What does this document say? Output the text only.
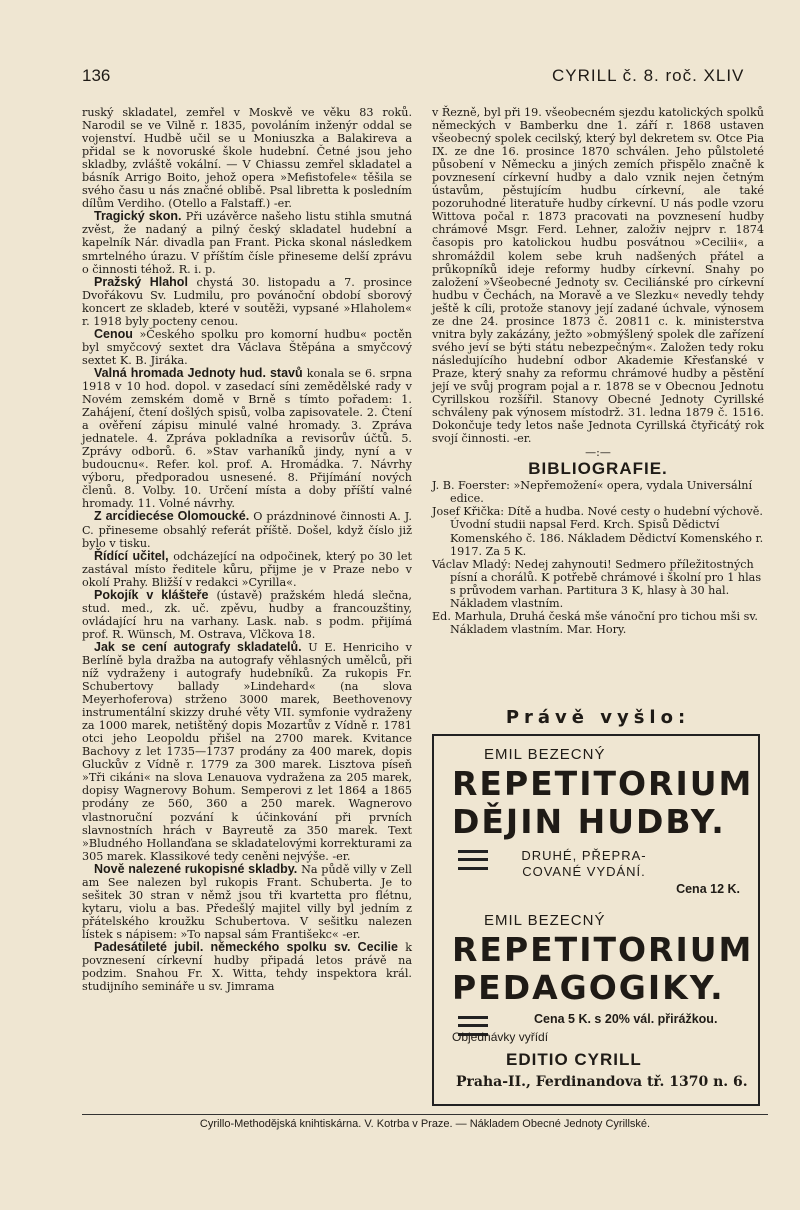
136	CYRILL č. 8. roč. XLIV

ruský skladatel, zemřel v Moskvě ve věku 83 roků. Narodil se ve Vilně r. 1835, povoláním inženýr oddal se vojenství. Hudbě učil se u Moniuszka a Balakireva a přidal se k novoruské škole hudební. Četné jsou jeho skladby, zvláště vokální. — V Chiassu zemřel skladatel a básník Arrigo Boito, jehož opera »Mefistofele« těšila se svého času u nás značné oblibě. Psal libretta k posledním dílům Verdiho. (Otello a Falstaff.) -er.

Tragický skon. Při uzávěrce našeho listu stihla smutná zvěst, že nadaný a pilný český skladatel hudební a kapelník Nár. divadla pan Frant. Picka skonal následkem smrtelného úrazu. V příštím čísle přineseme delší zprávu o činnosti téhož. R. i. p.

Pražský Hlahol chystá 30. listopadu a 7. prosince Dvořákovu Sv. Ludmilu, pro povánoční období sborový koncert ze skladeb, které v soutěži, vypsané »Hlaholem« r. 1918 byly pocteny cenou.

Cenou »Českého spolku pro komorní hudbu« poctěn byl smyčcový sextet dra Václava Štěpána a smyčcový sextet K. B. Jiráka.

Valná hromada Jednoty hud. stavů konala se 6. srpna 1918 v 10 hod. dopol. v zasedací síni zemědělské rady v Novém zemském domě v Brně s tímto pořadem: 1. Zahájení, čtení došlých spisů, volba zapisovatele. 2. Čtení a ověření zápisu minulé valné hromady. 3. Zpráva jednatele. 4. Zpráva pokladníka a revisorův účtů. 5. Zprávy odborů. 6. »Stav varhaníků jindy, nyní a v budoucnu«. Refer. kol. prof. A. Hromádka. 7. Návrhy výboru, předporadou usnesené. 8. Přijímání nových členů. 8. Volby. 10. Určení místa a doby příští valné hromady. 11. Volné návrhy.

Z arcidiecése Olomoucké. O prázdninové činnosti A. J. C. přineseme obsahlý referát příště. Došel, když číslo již bylo v tisku.

Řídící učitel, odcházející na odpočinek, který po 30 let zastával místo ředitele kůru, přijme je v Praze nebo v okolí Prahy. Bližší v redakci »Cyrilla«.

Pokojík v klášteře (ústavě) pražském hledá slečna, stud. med., zk. uč. zpěvu, hudby a francouzštiny, ovládající hru na varhany. Lask. nab. s podm. přijímá prof. R. Wünsch, M. Ostrava, Vlčkova 18.

Jak se cení autografy skladatelů. U E. Henriciho v Berlíně byla dražba na autografy věhlasných umělců, při níž vydraženy i autografy hudebníků. Za rukopis Fr. Schubertovy ballady »Lindehard« (na slova Meyerhoferova) strženo 3000 marek, Beethovenovy instrumentální skizzy druhé věty VII. symfonie vydraženy za 1000 marek, netištěný dopis Mozartův z Vídně r. 1781 otci jeho Leopoldu přišel na 2700 marek. Kvitance Bachovy z let 1735—1737 prodány za 400 marek, dopis Gluckův z Vídně r. 1779 za 300 marek. Lisztova píseň »Tři cikáni« na slova Lenauova vydražena za 205 marek, dopisy Wagnerovy Bohum. Semperovi z let 1864 a 1865 prodány ze 560, 360 a 250 marek. Wagnerovo vlastnoruční pozvání k účinkování při prvních slavnostních hrách v Bayreutě za 350 marek. Text »Bludného Hollanďana se skladatelovými korrekturami za 305 marek. Klassikové tedy ceněni nejvýše. -er.

Nově nalezené rukopisné skladby. Na půdě villy v Zell am See nalezen byl rukopis Frant. Schuberta. Je to sešitek 30 stran v němž jsou tři kvartetta pro flétnu, kytaru, violu a bas. Předešlý majitel villy byl jedním z přátelského kroužku Schubertova. V sešitku nalezen lístek s nápisem: »To napsal sám Františekc« -er.

Padesátileté jubil. německého spolku sv. Cecilie k povznesení církevní hudby připadá letos právě na podzim. Snahou Fr. X. Witta, tehdy inspektora král. studijního semináře u sv. Jimrama

v Řezně, byl při 19. všeobecném sjezdu katolických spolků německých v Bamberku dne 1. září r. 1868 ustaven všeobecný spolek cecilský, který byl dekretem sv. Otce Pia IX. ze dne 16. prosince 1870 schválen. Jeho půlstoleté působení v Německu a jiných zemích přispělo značně k povznesení církevní hudby a dalo vznik nejen četným ústavům, pěstujícím hudbu církevní, ale také pozoruhodné literatuře hudby církevní. U nás podle vzoru Wittova počal r. 1873 pracovati na povznesení hudby chrámové Msgr. Ferd. Lehner, založiv nejprv r. 1874 časopis pro katolickou hudbu posvátnou »Cecilii«, a shromáždil kolem sebe kruh nadšených přátel a průkopníků ideje reformy hudby církevní. Snahy po založení »Všeobecné Jednoty sv. Ceciliánské pro církevní hudbu v Čechách, na Moravě a ve Slezku« nevedly tehdy ještě k cíli, protože stanovy její zadané úchvale, výnosem ze dne 24. prosince 1873 č. 20811 c. k. ministerstva vnitra byly zakázány, ježto »obmýšlený spolek dle zařízení svého jeví se býti státu nebezpečným«. Založen tedy roku následujícího hudební odbor Akademie Křesťanské v Praze, který snahy za reformu chrámové hudby a pěstění její ve svůj program pojal a r. 1878 se v Obecnou Jednotu Cyrillskou rozšířil. Stanovy Obecné Jednoty Cyrillské schváleny pak výnosem místodrž. 31. ledna 1879 č. 1516. Dokončuje tedy letos naše Jednota Cyrillská čtyřicátý rok svojí činnosti. -er.

—:—
BIBLIOGRAFIE.

J. B. Foerster: »Nepřemožení« opera, vydala Universální edice.

Josef Křička: Dítě a hudba. Nové cesty o hudební výchově. Úvodní studii napsal Ferd. Krch. Spisů Dědictví Komenského č. 186. Nákladem Dědictví Komenského r. 1917. Za 5 K.

Václav Mladý: Nedej zahynouti! Sedmero příležitostných písní a chorálů. K potřebě chrámové i školní pro 1 hlas s průvodem varhan. Partitura 3 K, hlasy à 30 hal. Nákladem vlastním.

Ed. Marhula, Druhá česká mše vánoční pro tichou mši sv. Nákladem vlastním. Mar. Hory.

Právě vyšlo:
EMIL BEZECNÝ
REPETITORIUM
DĚJIN HUDBY.
DRUHÉ, PŘEPRA-
COVANÉ VYDÁNÍ.
Cena 12 K.
EMIL BEZECNÝ
REPETITORIUM
PEDAGOGIKY.
Cena 5 K. s 20% vál. přirážkou.
Objednávky vyřídí
EDITIO CYRILL
Praha-II., Ferdinandova tř. 1370 n. 6.
Cyrillo-Methodějská knihtiskárna. V. Kotrba v Praze. — Nákladem Obecné Jednoty Cyrillské.
